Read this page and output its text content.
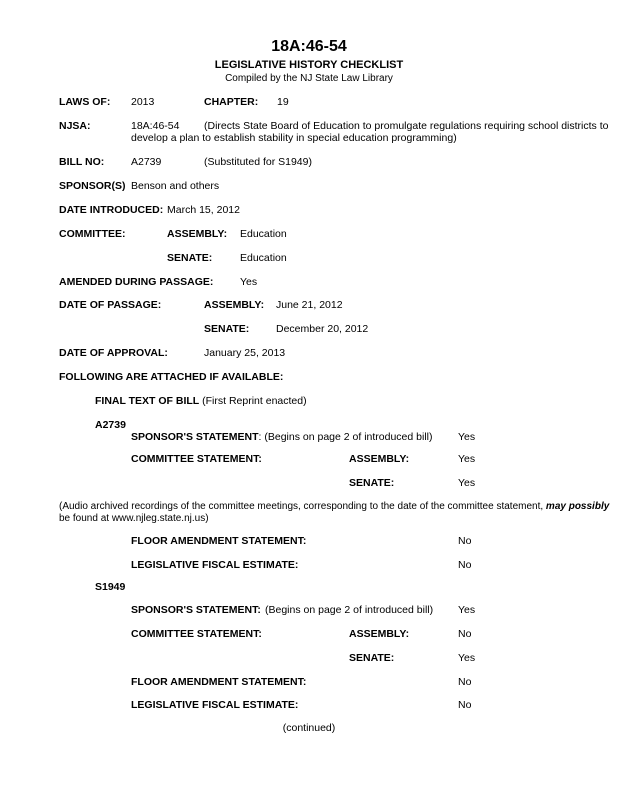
18A:46-54
LEGISLATIVE HISTORY CHECKLIST
Compiled by the NJ State Law Library
LAWS OF: 2013	CHAPTER: 19
NJSA:	18A:46-54 (Directs State Board of Education to promulgate regulations requiring school districts to
develop a plan to establish stability in special education programming)
BILL NO:	A2739	(Substituted for S1949)
SPONSOR(S) Benson and others
DATE INTRODUCED: March 15, 2012
COMMITTEE:	ASSEMBLY: Education
SENATE:	Education
AMENDED DURING PASSAGE:	Yes
DATE OF PASSAGE:	ASSEMBLY: June 21, 2012
SENATE:	December 20, 2012
DATE OF APPROVAL:	January 25, 2013
FOLLOWING ARE ATTACHED IF AVAILABLE:
FINAL TEXT OF BILL (First Reprint enacted)
A2739
SPONSOR'S STATEMENT: (Begins on page 2 of introduced bill) Yes
COMMITTEE STATEMENT:	ASSEMBLY:	Yes
SENATE:	Yes
(Audio archived recordings of the committee meetings, corresponding to the date of the committee statement, may possibly
be found at www.njleg.state.nj.us)
FLOOR AMENDMENT STATEMENT:	No
LEGISLATIVE FISCAL ESTIMATE:	No
S1949
SPONSOR'S STATEMENT: (Begins on page 2 of introduced bill) Yes
COMMITTEE STATEMENT:	ASSEMBLY:	No
SENATE:	Yes
FLOOR AMENDMENT STATEMENT:	No
LEGISLATIVE FISCAL ESTIMATE:	No
(continued)
